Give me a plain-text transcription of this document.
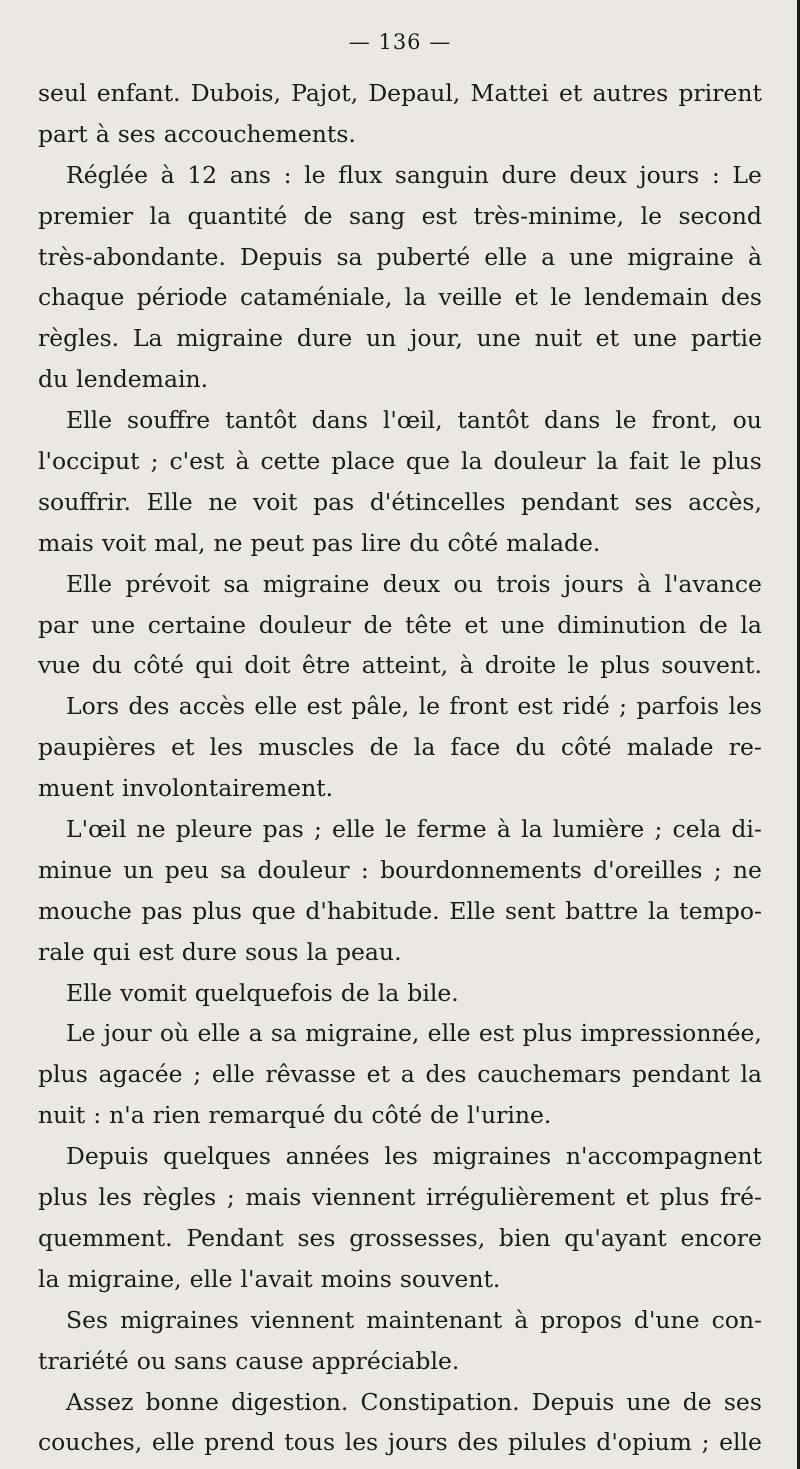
— 136 —
seul enfant. Dubois, Pajot, Depaul, Mattei et autres prirent
part à ses accouchements.
Réglée à 12 ans : le flux sanguin dure deux jours : Le
premier la quantité de sang est très-minime, le second
très-abondante. Depuis sa puberté elle a une migraine à
chaque période cataméniale, la veille et le lendemain des
règles. La migraine dure un jour, une nuit et une partie
du lendemain.
Elle souffre tantôt dans l'œil, tantôt dans le front, ou
l'occiput ; c'est à cette place que la douleur la fait le plus
souffrir. Elle ne voit pas d'étincelles pendant ses accès,
mais voit mal, ne peut pas lire du côté malade.
Elle prévoit sa migraine deux ou trois jours à l'avance
par une certaine douleur de tête et une diminution de la
vue du côté qui doit être atteint, à droite le plus souvent.
Lors des accès elle est pâle, le front est ridé ; parfois les
paupières et les muscles de la face du côté malade re-
muent involontairement.
L'œil ne pleure pas ; elle le ferme à la lumière ; cela di-
minue un peu sa douleur : bourdonnements d'oreilles ; ne
mouche pas plus que d'habitude. Elle sent battre la tempo-
rale qui est dure sous la peau.
Elle vomit quelquefois de la bile.
Le jour où elle a sa migraine, elle est plus impressionnée,
plus agacée ; elle rêvasse et a des cauchemars pendant la
nuit : n'a rien remarqué du côté de l'urine.
Depuis quelques années les migraines n'accompagnent
plus les règles ; mais viennent irrégulièrement et plus fré-
quemment. Pendant ses grossesses, bien qu'ayant encore
la migraine, elle l'avait moins souvent.
Ses migraines viennent maintenant à propos d'une con-
trariété ou sans cause appréciable.
Assez bonne digestion. Constipation. Depuis une de ses
couches, elle prend tous les jours des pilules d'opium ; elle
